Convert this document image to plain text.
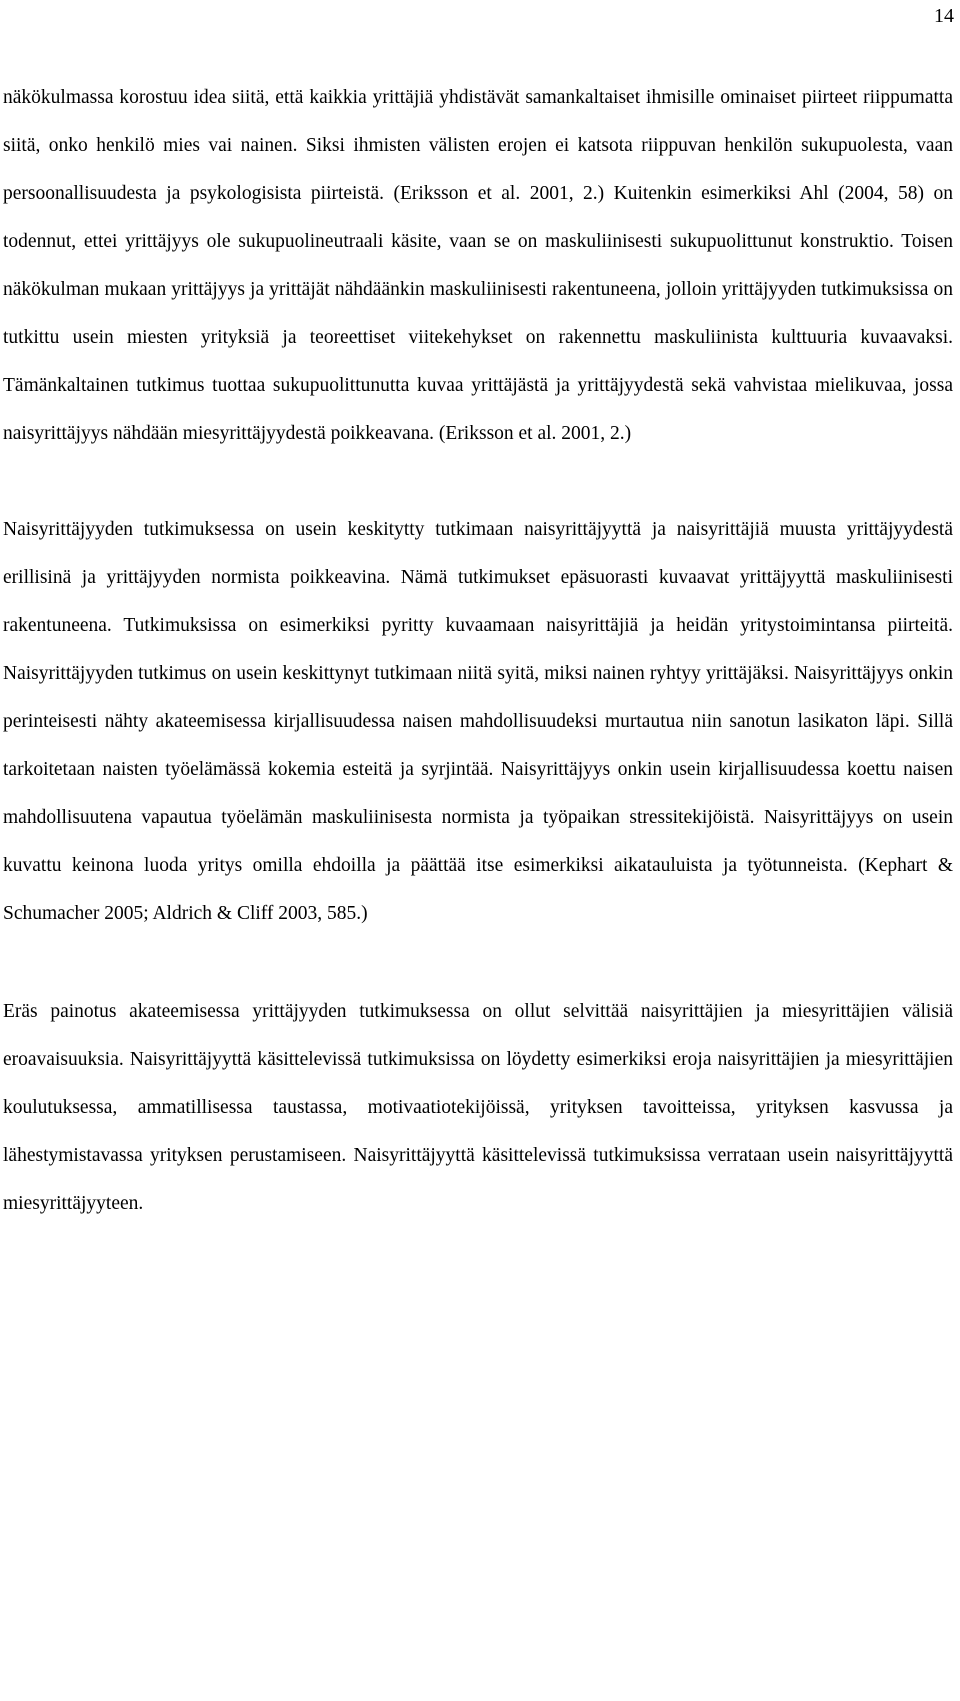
14

näkökulmassa korostuu idea siitä, että kaikkia yrittäjiä yhdistävät samankaltaiset ihmisille ominaiset piirteet riippumatta siitä, onko henkilö mies vai nainen. Siksi ihmisten välisten erojen ei katsota riippuvan henkilön sukupuolesta, vaan persoonallisuudesta ja psykologisista piirteistä. (Eriksson et al. 2001, 2.) Kuitenkin esimerkiksi Ahl (2004, 58) on todennut, ettei yrittäjyys ole sukupuolineutraali käsite, vaan se on maskuliinisesti sukupuolittunut konstruktio. Toisen näkökulman mukaan yrittäjyys ja yrittäjät nähdäänkin maskuliinisesti rakentuneena, jolloin yrittäjyyden tutkimuksissa on tutkittu usein miesten yrityksiä ja teoreettiset viitekehykset on rakennettu maskuliinista kulttuuria kuvaavaksi. Tämänkaltainen tutkimus tuottaa sukupuolittunutta kuvaa yrittäjästä ja yrittäjyydestä sekä vahvistaa mielikuvaa, jossa naisyrittäjyys nähdään miesyrittäjyydestä poikkeavana. (Eriksson et al. 2001, 2.)

Naisyrittäjyyden tutkimuksessa on usein keskitytty tutkimaan naisyrittäjyyttä ja naisyrittäjiä muusta yrittäjyydestä erillisinä ja yrittäjyyden normista poikkeavina. Nämä tutkimukset epäsuorasti kuvaavat yrittäjyyttä maskuliinisesti rakentuneena. Tutkimuksissa on esimerkiksi pyritty kuvaamaan naisyrittäjiä ja heidän yritystoimintansa piirteitä. Naisyrittäjyyden tutkimus on usein keskittynyt tutkimaan niitä syitä, miksi nainen ryhtyy yrittäjäksi. Naisyrittäjyys onkin perinteisesti nähty akateemisessa kirjallisuudessa naisen mahdollisuudeksi murtautua niin sanotun lasikaton läpi. Sillä tarkoitetaan naisten työelämässä kokemia esteitä ja syrjintää. Naisyrittäjyys onkin usein kirjallisuudessa koettu naisen mahdollisuutena vapautua työelämän maskuliinisesta normista ja työpaikan stressitekijöistä. Naisyrittäjyys on usein kuvattu keinona luoda yritys omilla ehdoilla ja päättää itse esimerkiksi aikatauluista ja työtunneista. (Kephart & Schumacher 2005; Aldrich & Cliff 2003, 585.)

Eräs painotus akateemisessa yrittäjyyden tutkimuksessa on ollut selvittää naisyrittäjien ja miesyrittäjien välisiä eroavaisuuksia. Naisyrittäjyyttä käsittelevissä tutkimuksissa on löydetty esimerkiksi eroja naisyrittäjien ja miesyrittäjien koulutuksessa, ammatillisessa taustassa, motivaatiotekijöissä, yrityksen tavoitteissa, yrityksen kasvussa ja lähestymistavassa yrityksen perustamiseen. Naisyrittäjyyttä käsittelevissä tutkimuksissa verrataan usein naisyrittäjyyttä miesyrittäjyyteen.
